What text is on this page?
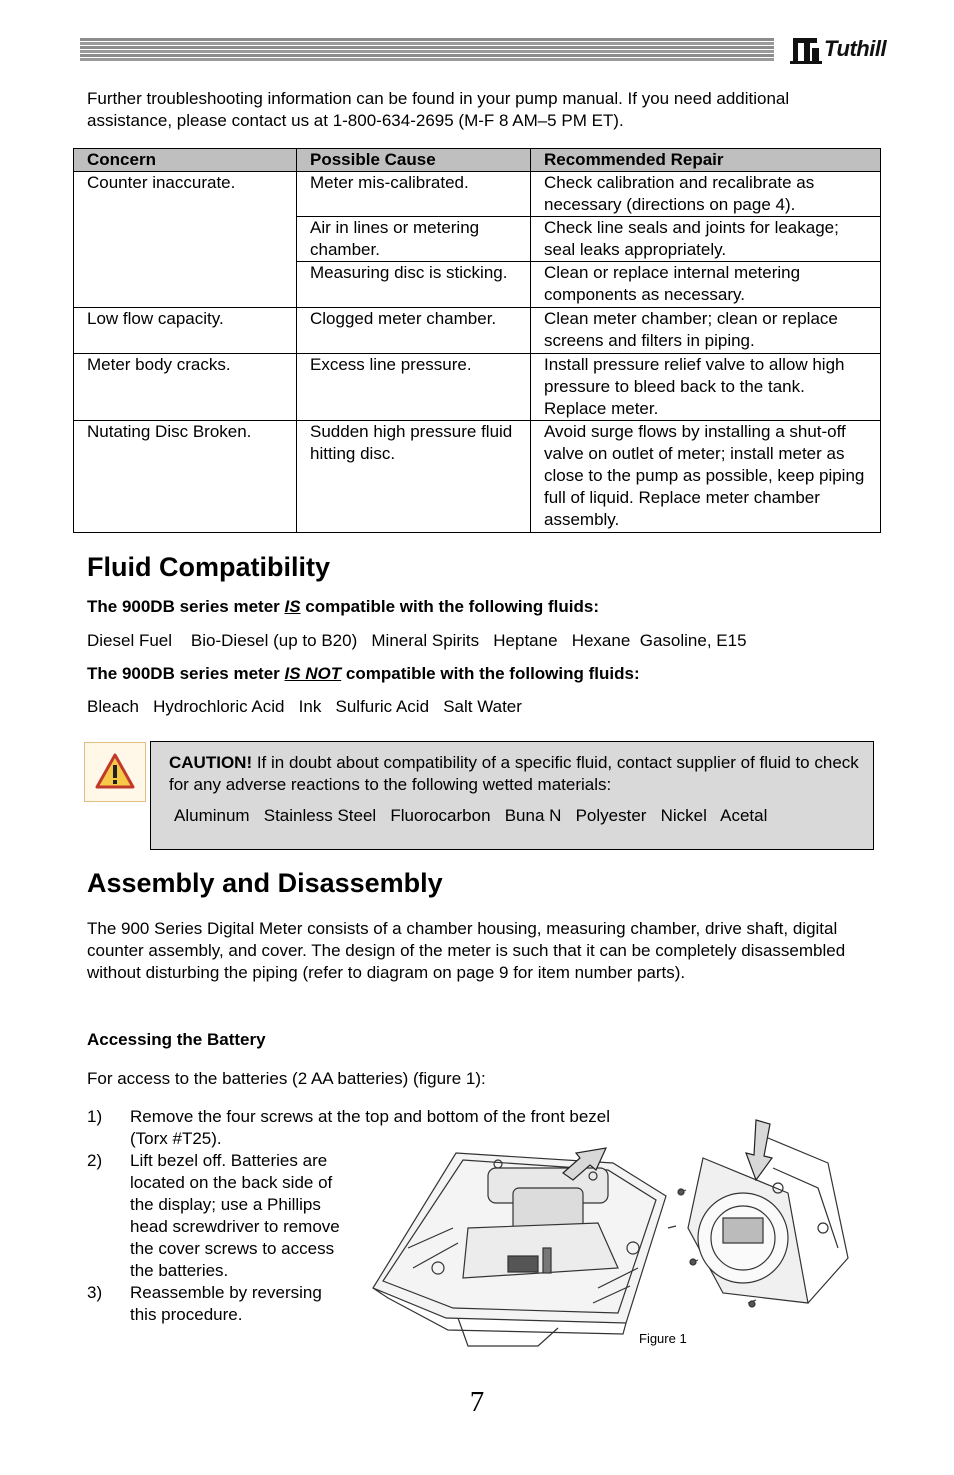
Tuthill

Further troubleshooting information can be found in your pump manual. If you need additional assistance, please contact us at 1-800-634-2695 (M-F 8 AM–5 PM ET).

Concern	Possible Cause	Recommended Repair
Counter inaccurate.	Meter mis-calibrated.	Check calibration and recalibrate as necessary (directions on page 4).
	Air in lines or metering chamber.	Check line seals and joints for leakage; seal leaks appropriately.
	Measuring disc is sticking.	Clean or replace internal metering components as necessary.
Low flow capacity.	Clogged meter chamber.	Clean meter chamber; clean or replace screens and filters in piping.
Meter body cracks.	Excess line pressure.	Install pressure relief valve to allow high pressure to bleed back to the tank. Replace meter.
Nutating Disc Broken.	Sudden high pressure fluid hitting disc.	Avoid surge flows by installing a shut-off valve on outlet of meter; install meter as close to the pump as possible, keep piping full of liquid. Replace meter chamber assembly.
Fluid Compatibility
The 900DB series meter IS compatible with the following fluids:
Diesel Fuel    Bio-Diesel (up to B20)   Mineral Spirits   Heptane   Hexane  Gasoline, E15
The 900DB series meter IS NOT compatible with the following fluids:
Bleach   Hydrochloric Acid   Ink   Sulfuric Acid   Salt Water
CAUTION! If in doubt about compatibility of a specific fluid, contact supplier of fluid to check for any adverse reactions to the following wetted materials:
Aluminum   Stainless Steel   Fluorocarbon   Buna N   Polyester   Nickel   Acetal
Assembly and Disassembly

The 900 Series Digital Meter consists of a chamber housing, measuring chamber, drive shaft, digital counter assembly, and cover. The design of the meter is such that it can be completely disassembled without disturbing the piping (refer to diagram on page 9 for item number parts).

Accessing the Battery

For access to the batteries (2 AA batteries) (figure 1):

1) Remove the four screws at the top and bottom of the front bezel (Torx #T25).
2) Lift bezel off. Batteries are located on the back side of the display; use a Phillips head screwdriver to remove the cover screws to access the batteries.
3) Reassemble by reversing this procedure.
Figure 1
7
